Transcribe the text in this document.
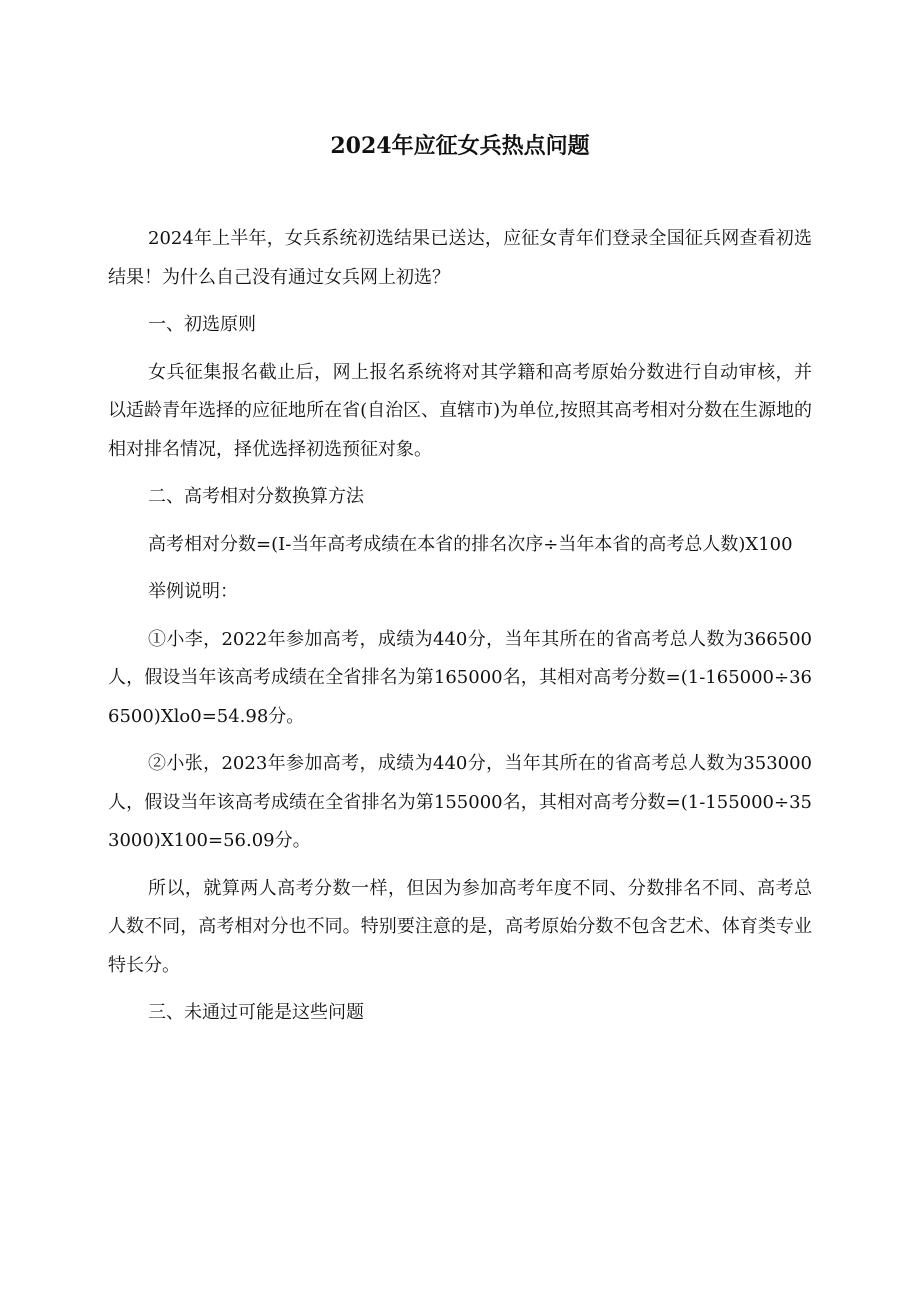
2024年应征女兵热点问题

2024年上半年，女兵系统初选结果已送达，应征女青年们登录全国征兵网查看初选结果！为什么自己没有通过女兵网上初选？

一、初选原则

女兵征集报名截止后，网上报名系统将对其学籍和高考原始分数进行自动审核，并以适龄青年选择的应征地所在省(自治区、直辖市)为单位,按照其高考相对分数在生源地的相对排名情况，择优选择初选预征对象。

二、高考相对分数换算方法

高考相对分数=(I-当年高考成绩在本省的排名次序÷当年本省的高考总人数)X100

举例说明：

①小李，2022年参加高考，成绩为440分，当年其所在的省高考总人数为366500人，假设当年该高考成绩在全省排名为第165000名，其相对高考分数=(1-165000÷366500)Xlo0=54.98分。

②小张，2023年参加高考，成绩为440分，当年其所在的省高考总人数为353000人，假设当年该高考成绩在全省排名为第155000名，其相对高考分数=(1-155000÷353000)X100=56.09分。

所以，就算两人高考分数一样，但因为参加高考年度不同、分数排名不同、高考总人数不同，高考相对分也不同。特别要注意的是，高考原始分数不包含艺术、体育类专业特长分。

三、未通过可能是这些问题
